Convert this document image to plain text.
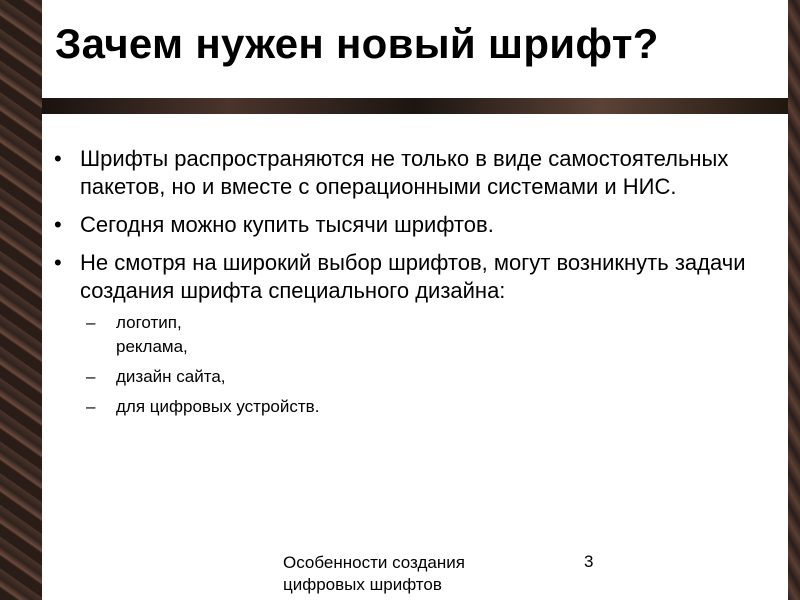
Зачем нужен новый шрифт?
• Шрифты распространяются не только в виде самостоятельных пакетов, но и вместе с операционными системами и НИС.
• Сегодня можно купить тысячи шрифтов.
• Не смотря на широкий выбор шрифтов, могут возникнуть задачи создания шрифта специального дизайна:
– логотип,
реклама,
– дизайн сайта,
– для цифровых устройств.
Особенности создания цифровых шрифтов
3
